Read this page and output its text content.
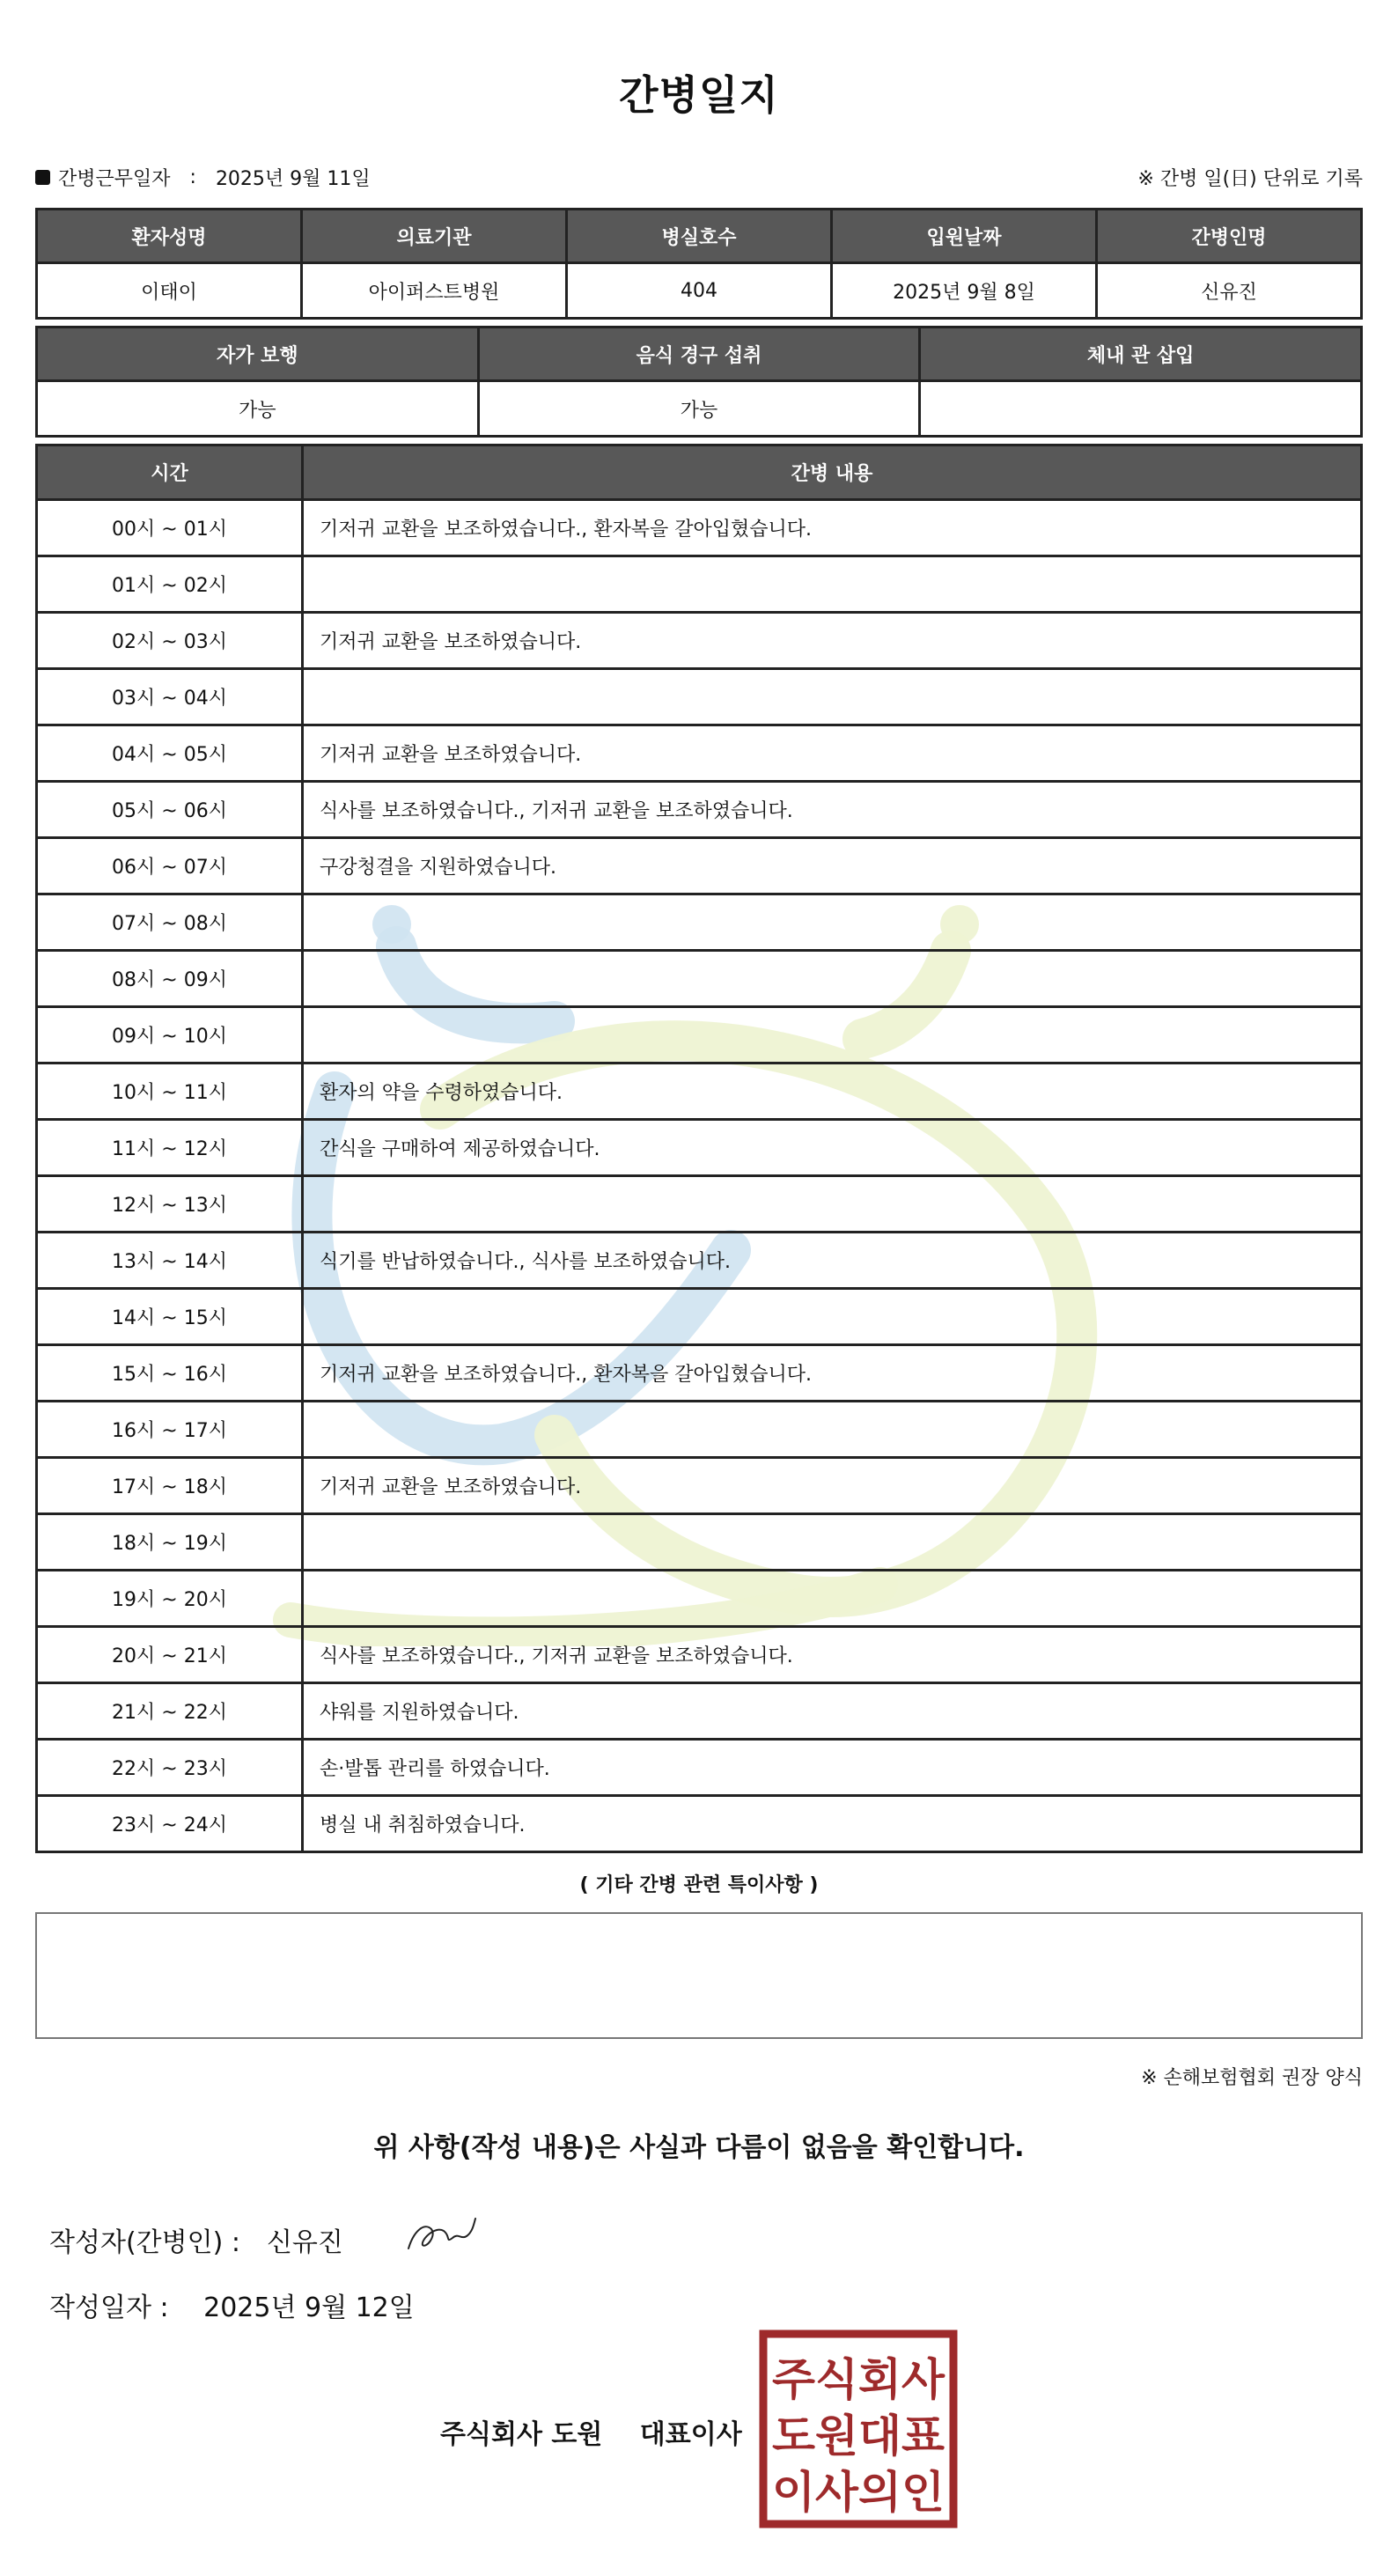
간병일지
간병근무일자 : 2025년 9월 11일	※ 간병 일(日) 단위로 기록
환자성명	의료기관	병실호수	입원날짜	간병인명
이태이	아이퍼스트병원	404	2025년 9월 8일	신유진
자가 보행	음식 경구 섭취	체내 관 삽입
가능	가능	
시간	간병 내용
00시 ~ 01시	기저귀 교환을 보조하였습니다., 환자복을 갈아입혔습니다.
01시 ~ 02시	
02시 ~ 03시	기저귀 교환을 보조하였습니다.
03시 ~ 04시	
04시 ~ 05시	기저귀 교환을 보조하였습니다.
05시 ~ 06시	식사를 보조하였습니다., 기저귀 교환을 보조하였습니다.
06시 ~ 07시	구강청결을 지원하였습니다.
07시 ~ 08시	
08시 ~ 09시	
09시 ~ 10시	
10시 ~ 11시	환자의 약을 수령하였습니다.
11시 ~ 12시	간식을 구매하여 제공하였습니다.
12시 ~ 13시	
13시 ~ 14시	식기를 반납하였습니다., 식사를 보조하였습니다.
14시 ~ 15시	
15시 ~ 16시	기저귀 교환을 보조하였습니다., 환자복을 갈아입혔습니다.
16시 ~ 17시	
17시 ~ 18시	기저귀 교환을 보조하였습니다.
18시 ~ 19시	
19시 ~ 20시	
20시 ~ 21시	식사를 보조하였습니다., 기저귀 교환을 보조하였습니다.
21시 ~ 22시	샤워를 지원하였습니다.
22시 ~ 23시	손·발톱 관리를 하였습니다.
23시 ~ 24시	병실 내 취침하였습니다.
( 기타 간병 관련 특이사항 )
※ 손해보험협회 권장 양식
위 사항(작성 내용)은 사실과 다름이 없음을 확인합니다.
작성자(간병인) : 신유진
작성일자 : 2025년 9월 12일
주식회사 도원 대표이사
주식회사
도원대표
이사의인
